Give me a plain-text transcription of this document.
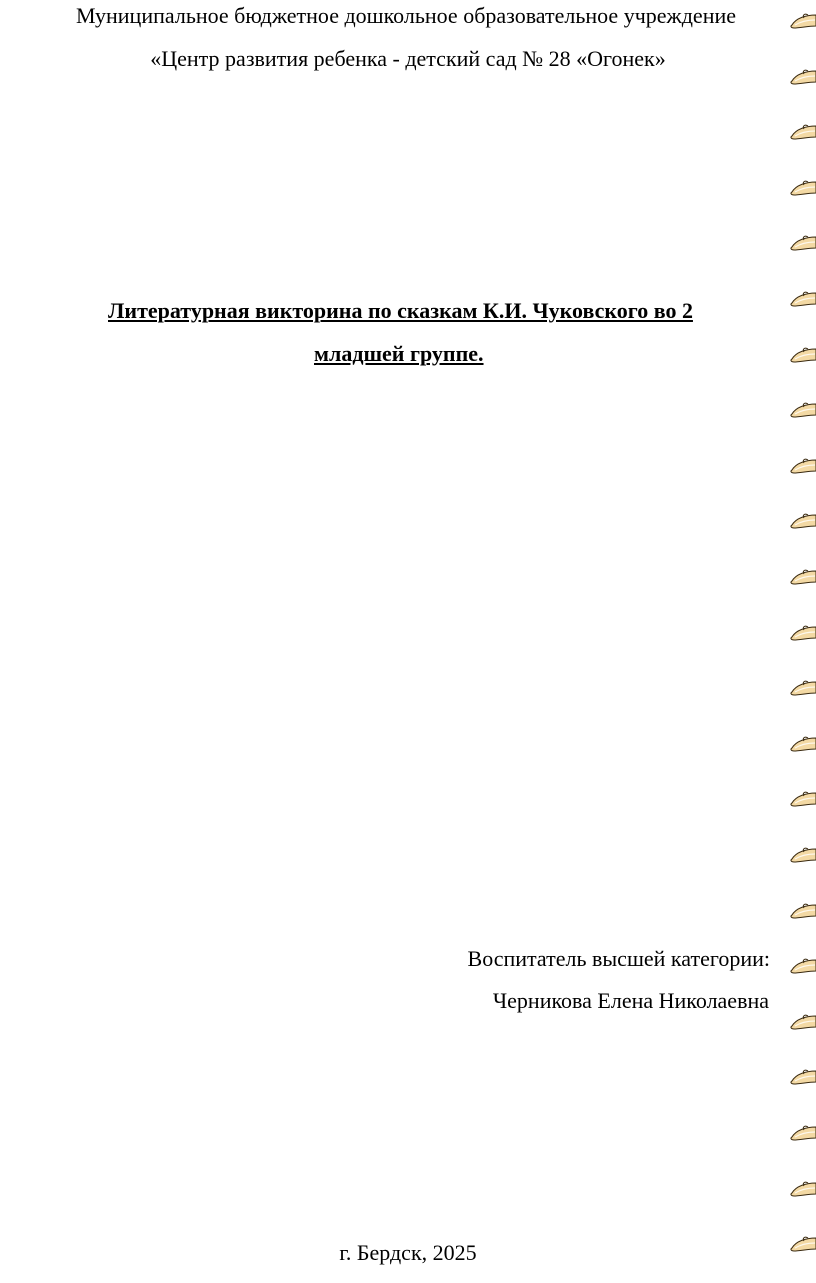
Муниципальное бюджетное дошкольное образовательное учреждение
«Центр развития ребенка - детский сад № 28 «Огонек»
Литературная викторина по сказкам К.И. Чуковского во 2
младшей группе.
Воспитатель высшей категории:
Черникова Елена Николаевна
г. Бердск, 2025
